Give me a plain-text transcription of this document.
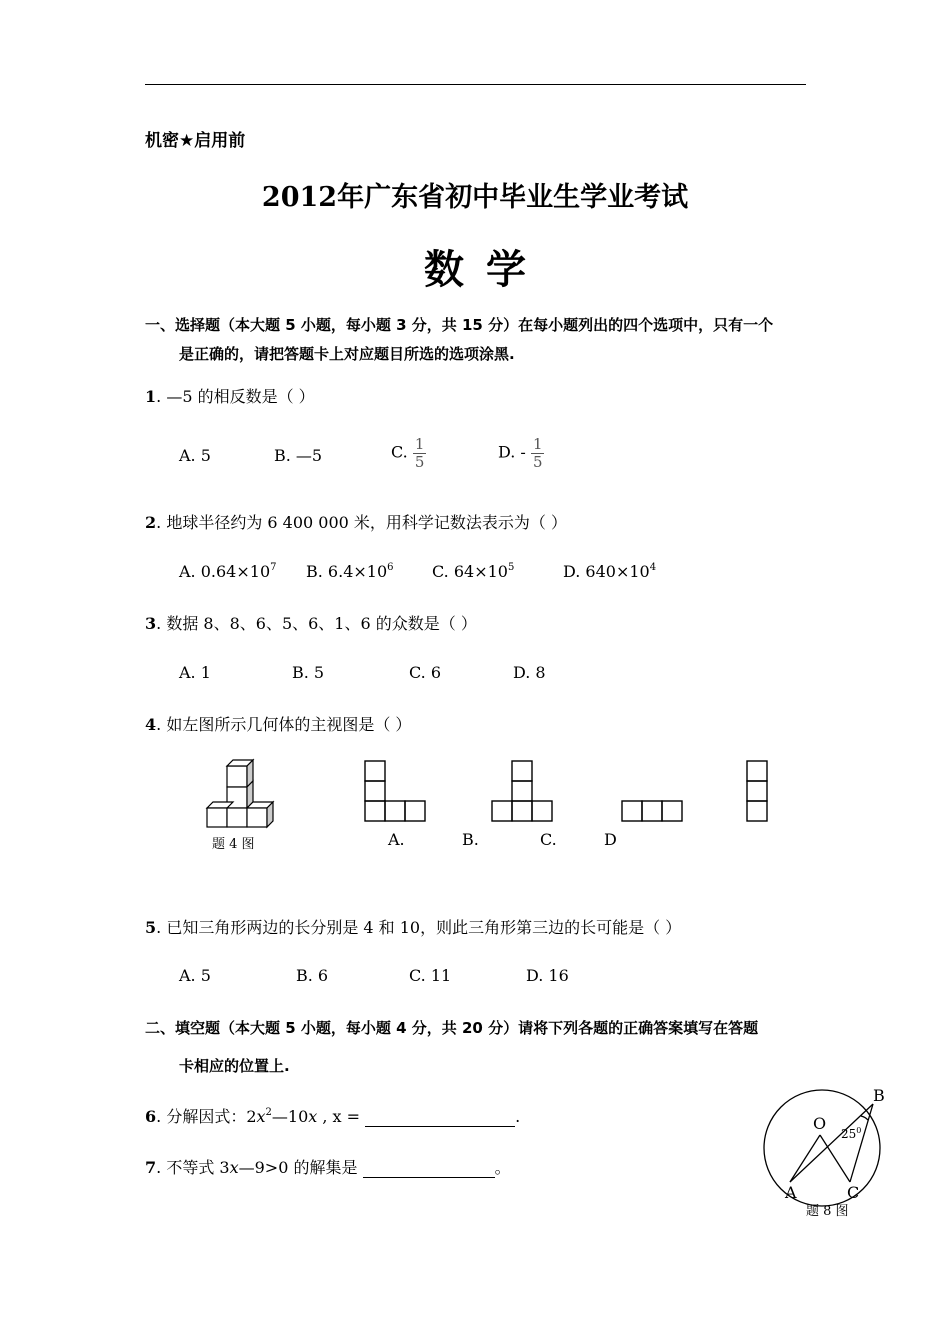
机密★启用前
2012年广东省初中毕业生学业考试
数学
一、选择题（本大题 5 小题，每小题 3 分，共 15 分）在每小题列出的四个选项中，只有一个
是正确的，请把答题卡上对应题目所选的选项涂黑.
1. —5 的相反数是（ ）
A. 5	B. —5	C. $\frac{1}{5}$	D. - $\frac{1}{5}$
2. 地球半径约为 6 400 000 米，用科学记数法表示为（ ）
A. $0.64\times 10^7$ B. $6.4\times 10^6$ C. $64\times 10^5$	D. $640\times 10^4$
3. 数据 8、8、6、5、6、1、6 的众数是（ ）
A. 1	B. 5	C. 6	D. 8
4. 如左图所示几何体的主视图是（ ）
题 4 图	A.	B.	C.	D
5. 已知三角形两边的长分别是 4 和 10，则此三角形第三边的长可能是（ ）
A. 5	B. 6	C. 11	D. 16
二、填空题（本大题 5 小题，每小题 4 分，共 20 分）请将下列各题的正确答案填写在答题
卡相应的位置上.
6. 分解因式：$2x^2—10x$ , x =	.
7. 不等式 3x—9>0 的解集是	。
O
A
B
C
$25^0$
题 8 图
